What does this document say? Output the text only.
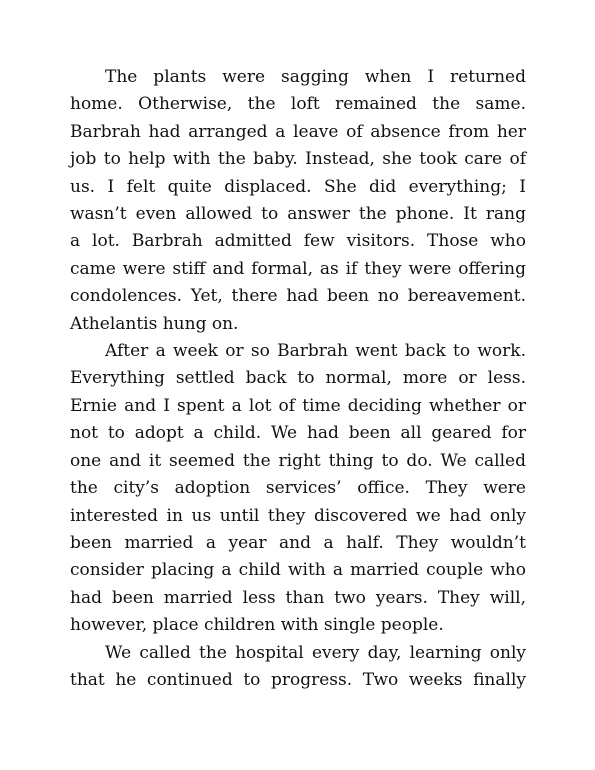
The plants were sagging when I returned
home. Otherwise, the loft remained the same.
Barbrah had arranged a leave of absence from her
job to help with the baby. Instead, she took care of
us. I felt quite displaced. She did everything; I
wasn’t even allowed to answer the phone. It rang
a lot. Barbrah admitted few visitors. Those who
came were stiff and formal, as if they were offering
condolences. Yet, there had been no bereavement.
Athelantis hung on.
After a week or so Barbrah went back to work.
Everything settled back to normal, more or less.
Ernie and I spent a lot of time deciding whether or
not to adopt a child. We had been all geared for
one and it seemed the right thing to do. We called
the city’s adoption services’ office. They were
interested in us until they discovered we had only
been married a year and a half. They wouldn’t
consider placing a child with a married couple who
had been married less than two years. They will,
however, place children with single people.
We called the hospital every day, learning only
that he continued to progress. Two weeks finally
